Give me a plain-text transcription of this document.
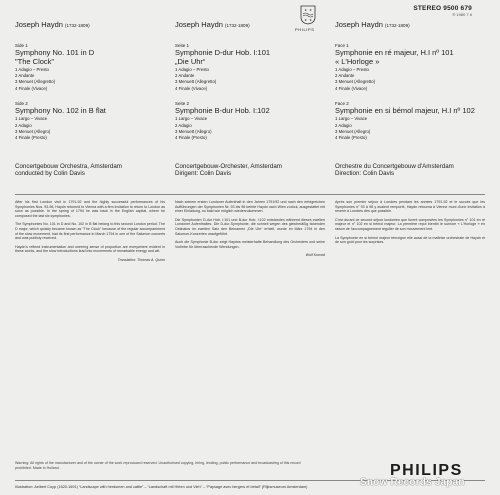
STEREO 9500 679
℗ 1980 7 6
★ ★
★ ★
PHILIPS
Joseph Haydn (1732-1809)
Side 1
Symphony No. 101 in D
"The Clock"
1 Adagio – Presto
2 Andante
3 Menuet (Allegretto)
4 Finale (Vivace)
Side 2
Symphony No. 102 in B flat
1 Largo – Vivace
2 Adagio
3 Menuet (Allegro)
4 Finale (Presto)
Concertgebouw Orchestra, Amsterdam
conducted by Colin Davis
Joseph Haydn (1732-1809)
Seite 1
Symphonie D-dur Hob. I:101
„Die Uhr“
1 Adagio – Presto
2 Andante
3 Menuett (Allegretto)
4 Finale (Vivace)
Seite 2
Symphonie B-dur Hob. I:102
1 Largo – Vivace
2 Adagio
3 Menuett (Allegro)
4 Finale (Presto)
Concertgebouw-Orchester, Amsterdam
Dirigent: Colin Davis
Joseph Haydn (1732-1809)
Face 1
Symphonie en ré majeur, H.I nº 101
« L'Horloge »
1 Adagio – Presto
2 Andante
3 Menuet (Allegretto)
4 Finale (Vivace)
Face 2
Symphonie en si bémol majeur, H.I nº 102
1 Largo – Vivace
2 Adagio
3 Menuet (Allegro)
4 Finale (Presto)
Orchestre du Concertgebouw d'Amsterdam
Direction: Colin Davis

After his first London visit in 1791-92 and the highly successful performances of his Symphonies Nos. 93-98, Haydn returned to Vienna with a firm invitation to return to London as soon as possible. In the spring of 1794 he was back in the English capital, where he composed the last six symphonies.

The Symphonies No. 101 in D and No. 102 in B flat belong to this second London period. The D major, which quickly became known as "The Clock" because of the regular accompaniment of the slow movement, had its first performance in March 1794 in one of the Salomon concerts and was publicly received.

Haydn's refined instrumentation and unerring sense of proportion are everywhere evident in these works, and the slow introductions lead into movements of remarkable energy and wit.

Translation: Thomas A. Quinn

Nach seinem ersten Londoner Aufenthalt in den Jahren 1791/92 und nach den erfolgreichen Aufführungen der Symphonien Nr. 93 bis 98 kehrte Haydn nach Wien zurück, ausgestattet mit einer Einladung, so bald wie möglich wiederzukommen.

Die Symphonien D-dur Hob. I:101 und B-dur Hob. I:102 entstanden während dieses zweiten Londoner Aufenthaltes. Die D-dur-Symphonie, die schnell wegen des gleichmäßig tickenden Ostinatos im zweiten Satz den Beinamen „Die Uhr“ erhielt, wurde im März 1794 in den Salomon-Konzerten uraufgeführt.

Auch die Symphonie B-dur zeigt Haydns meisterhafte Behandlung des Orchesters und seine Vorliebe für überraschende Wendungen.

Wulf Konold

Après son premier séjour à Londres pendant les années 1791-92 et le succès que les Symphonies n° 93 à 98 y avaient remporté, Haydn retourna à Vienne muni d'une invitation à revenir à Londres dès que possible.

C'est durant ce second séjour londonien que furent composées les Symphonies n° 101 en ré majeur et n° 102 en si bémol majeur. La première reçut bientôt le surnom « L'Horloge » en raison de l'accompagnement régulier de son mouvement lent.

La Symphonie en si bémol majeur témoigne elle aussi de la maîtrise orchestrale de Haydn et de son goût pour les surprises.

Warning: All rights of the manufacturer and of the owner of the work reproduced reserved. Unauthorised copying, hiring, lending, public performance and broadcasting of this record prohibited. Made in Holland.
Illustration: Aelbert Cuyp (1620-1691) “Landscape with herdsmen and cattle” – “Landschaft mit Hirten und Vieh” – “Paysage avec bergers et bétail” (Rijksmuseum Amsterdam)
PHILIPS
Snow Records Japan
